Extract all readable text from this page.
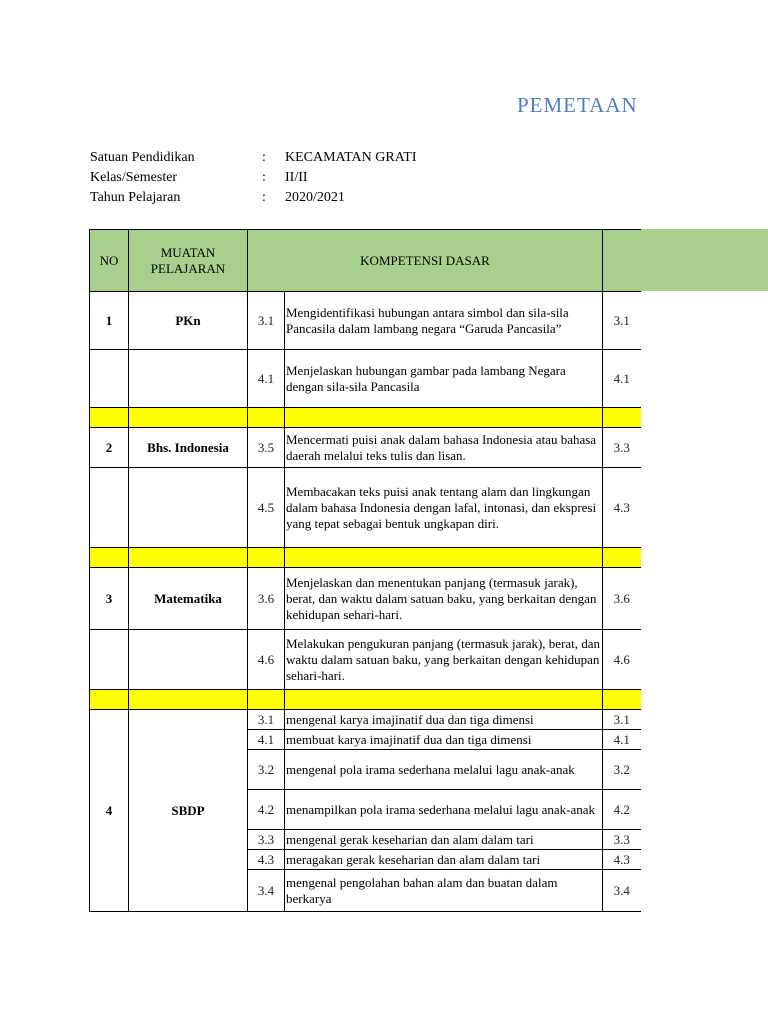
PEMETAAN
Satuan Pendidikan	: KECAMATAN GRATI
Kelas/Semester	: II/II
Tahun Pelajaran	: 2020/2021
NO	MUATAN PELAJARAN	KOMPETENSI DASAR		
1	PKn	3.1	Mengidentifikasi hubungan antara simbol dan sila-sila Pancasila dalam lambang negara “Garuda Pancasila”	3.1
		4.1	Menjelaskan hubungan gambar pada lambang Negara dengan sila-sila Pancasila	4.1

2	Bhs. Indonesia	3.5	Mencermati puisi anak dalam bahasa Indonesia atau bahasa daerah melalui teks tulis dan lisan.	3.3
		4.5	Membacakan teks puisi anak tentang alam dan lingkungan dalam bahasa Indonesia dengan lafal, intonasi, dan ekspresi yang tepat sebagai bentuk ungkapan diri.	4.3

3	Matematika	3.6	Menjelaskan dan menentukan panjang (termasuk jarak), berat, dan waktu dalam satuan baku, yang berkaitan dengan kehidupan sehari-hari.	3.6
		4.6	Melakukan pengukuran panjang (termasuk jarak), berat, dan waktu dalam satuan baku, yang berkaitan dengan kehidupan sehari-hari.	4.6

4	SBDP	3.1	mengenal karya imajinatif dua dan tiga dimensi	3.1
		4.1	membuat karya imajinatif dua dan tiga dimensi	4.1
		3.2	mengenal pola irama sederhana melalui lagu anak-anak	3.2
		4.2	menampilkan pola irama sederhana melalui lagu anak-anak	4.2
		3.3	mengenal gerak keseharian dan alam dalam tari	3.3
		4.3	meragakan gerak keseharian dan alam dalam tari	4.3
		3.4	mengenal pengolahan bahan alam dan buatan dalam berkarya	3.4
